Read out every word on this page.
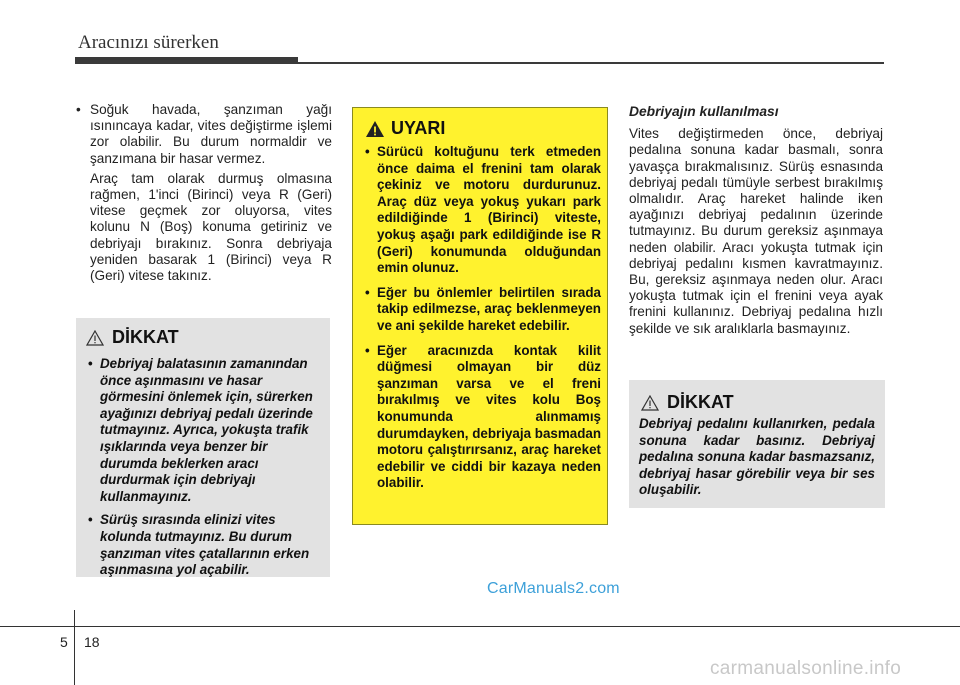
Aracınızı sürerken

• Soğuk havada, şanzıman yağı ısınıncaya kadar, vites değiştirme işlemi zor olabilir. Bu durum normaldir ve şanzımana bir hasar vermez.

Araç tam olarak durmuş olmasına rağmen, 1'inci (Birinci) veya R (Geri) vitese geçmek zor oluyorsa, vites kolunu N (Boş) konuma getiriniz ve debriyajı bırakınız. Sonra debriyaja yeniden basarak 1 (Birinci) veya R (Geri) vitese takınız.

DİKKAT

• Debriyaj balatasının zamanından önce aşınmasını ve hasar görmesini önlemek için, sürerken ayağınızı debriyaj pedalı üzerinde tutmayınız. Ayrıca, yokuşta trafik ışıklarında veya benzer bir durumda beklerken aracı durdurmak için debriyajı kullanmayınız.

• Sürüş sırasında elinizi vites kolunda tutmayınız. Bu durum şanzıman vites çatallarının erken aşınmasına yol açabilir.

UYARI

• Sürücü koltuğunu terk etmeden önce daima el frenini tam olarak çekiniz ve motoru durdurunuz. Araç düz veya yokuş yukarı park edildiğinde 1 (Birinci) viteste, yokuş aşağı park edildiğinde ise R (Geri) konumunda olduğundan emin olunuz.

• Eğer bu önlemler belirtilen sırada takip edilmezse, araç beklenmeyen ve ani şekilde hareket edebilir.

• Eğer aracınızda kontak kilit düğmesi olmayan bir düz şanzıman varsa ve el freni bırakılmış ve vites kolu Boş konumunda alınmamış durumdayken, debriyaja basmadan motoru çalıştırırsanız, araç hareket edebilir ve ciddi bir kazaya neden olabilir.

Debriyajın kullanılması

Vites değiştirmeden önce, debriyaj pedalına sonuna kadar basmalı, sonra yavaşça bırakmalısınız. Sürüş esnasında debriyaj pedalı tümüyle serbest bırakılmış olmalıdır. Araç hareket halinde iken ayağınızı debriyaj pedalının üzerinde tutmayınız. Bu durum gereksiz aşınmaya neden olabilir. Aracı yokuşta tutmak için debriyaj pedalını kısmen kavratmayınız. Bu, gereksiz aşınmaya neden olur. Aracı yokuşta tutmak için el frenini veya ayak frenini kullanınız. Debriyaj pedalına hızlı şekilde ve sık aralıklarla basmayınız.

DİKKAT
Debriyaj pedalını kullanırken, pedala sonuna kadar basınız. Debriyaj pedalına sonuna kadar basmazsanız, debriyaj hasar görebilir veya bir ses oluşabilir.
CarManuals2.com
5 18
carmanualsonline.info
